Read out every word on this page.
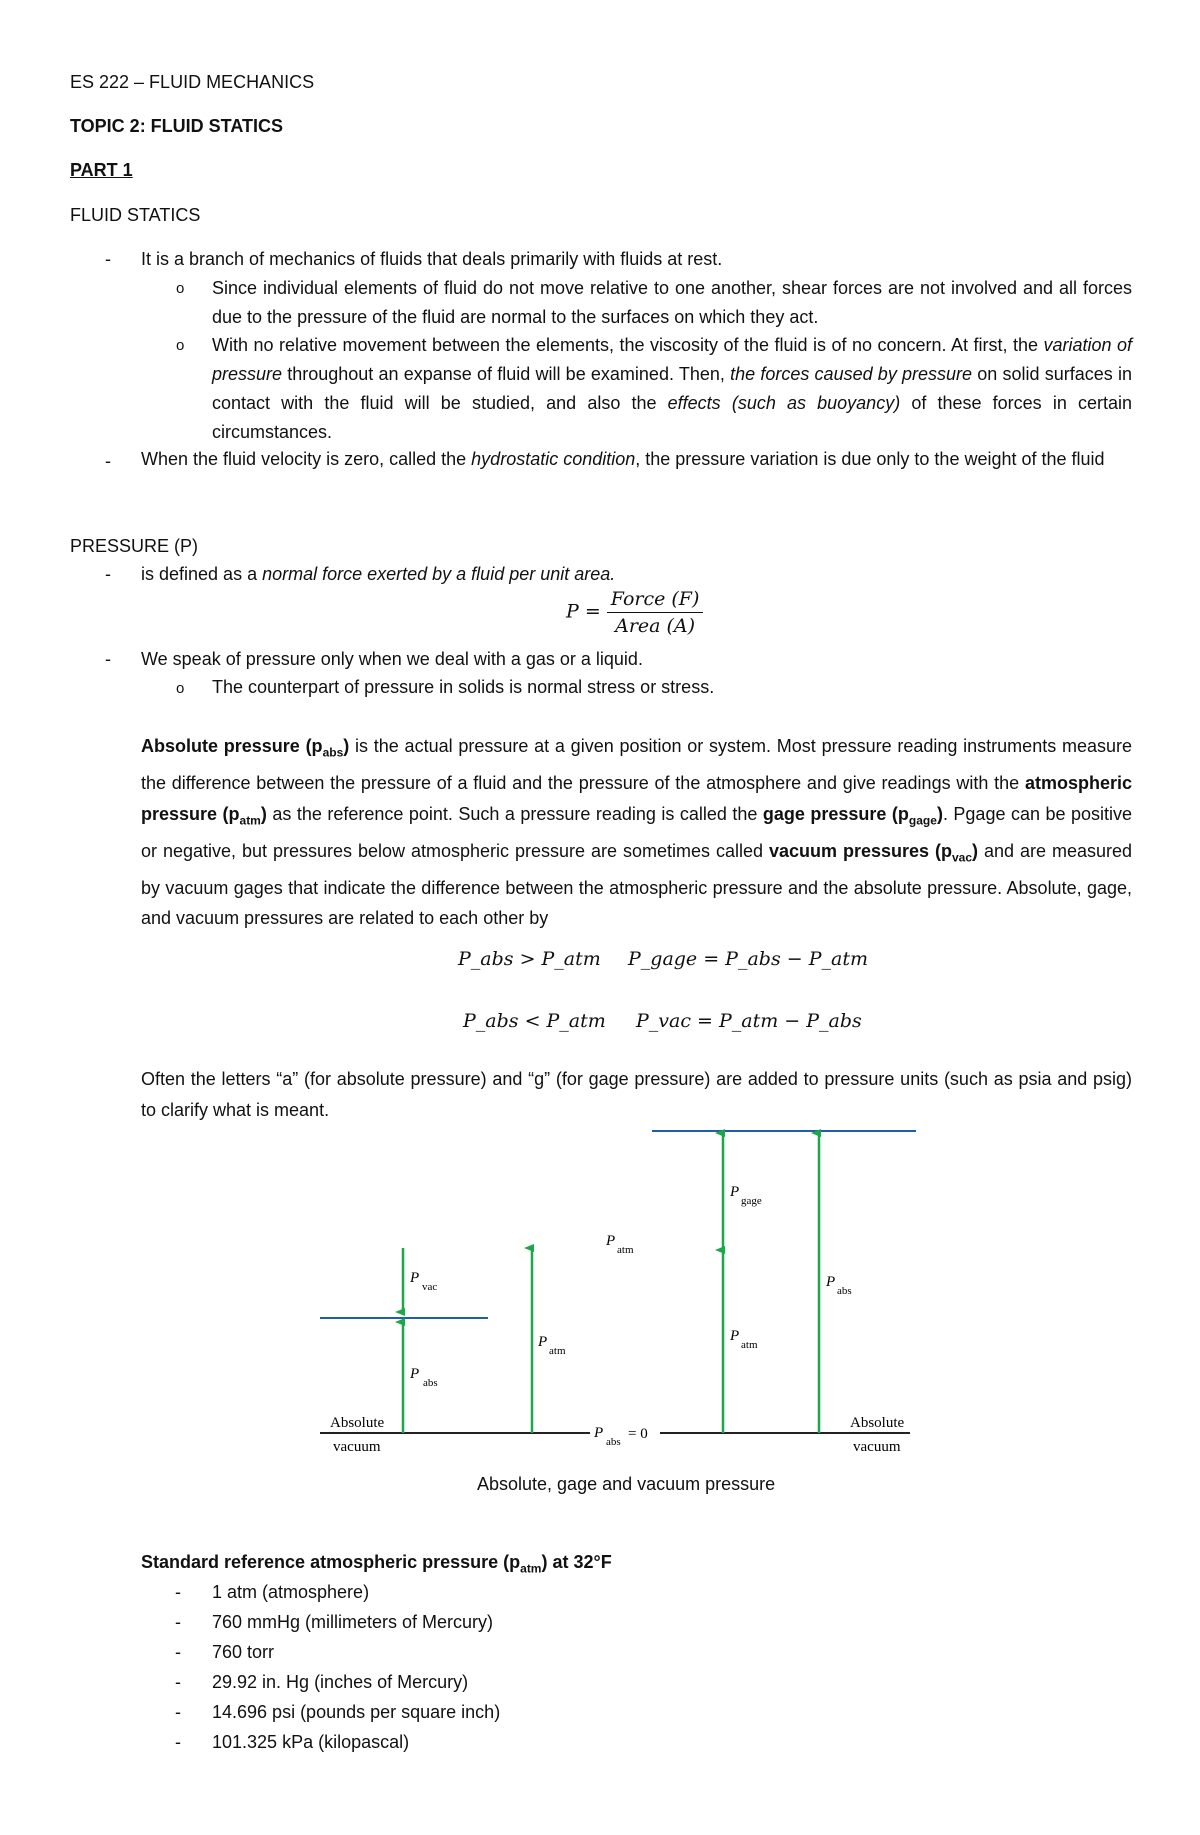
ES 222 – FLUID MECHANICS
TOPIC 2: FLUID STATICS
PART 1
FLUID STATICS
- It is a branch of mechanics of fluids that deals primarily with fluids at rest.
o Since individual elements of fluid do not move relative to one another, shear forces are not involved and all forces due to the pressure of the fluid are normal to the surfaces on which they act.
o With no relative movement between the elements, the viscosity of the fluid is of no concern. At first, the variation of pressure throughout an expanse of fluid will be examined. Then, the forces caused by pressure on solid surfaces in contact with the fluid will be studied, and also the effects (such as buoyancy) of these forces in certain circumstances.
- When the fluid velocity is zero, called the hydrostatic condition, the pressure variation is due only to the weight of the fluid
PRESSURE (P)
- is defined as a normal force exerted by a fluid per unit area.
$P = \frac{\text{Force (F)}}{\text{Area (A)}}$
- We speak of pressure only when we deal with a gas or a liquid.
o The counterpart of pressure in solids is normal stress or stress.
Absolute pressure $(p_{abs})$ is the actual pressure at a given position or system. Most pressure reading instruments measure the difference between the pressure of a fluid and the pressure of the atmosphere and give readings with the atmospheric pressure $(p_{atm})$ as the reference point. Such a pressure reading is called the gage pressure $(p_{gage})$. Pgage can be positive or negative, but pressures below atmospheric pressure are sometimes called vacuum pressures $(p_{vac})$ and are measured by vacuum gages that indicate the difference between the atmospheric pressure and the absolute pressure. Absolute, gage, and vacuum pressures are related to each other by
P_abs > P_atm P_gage = P_abs − P_atm
P_abs < P_atm P_vac = P_atm − P_abs
Often the letters “a” (for absolute pressure) and “g” (for gage pressure) are added to pressure units (such as psia and psig) to clarify what is meant.
P
vac
P
abs
P
atm
P
atm
P
gage
P
atm
P
abs
P
abs = 0
Absolute
vacuum
Absolute
vacuum
Absolute, gage and vacuum pressure
Standard reference atmospheric pressure $(p_{atm})$ at 32°F
- 1 atm (atmosphere)
- 760 mmHg (millimeters of Mercury)
- 760 torr
- 29.92 in. Hg (inches of Mercury)
- 14.696 psi (pounds per square inch)
- 101.325 kPa (kilopascal)
